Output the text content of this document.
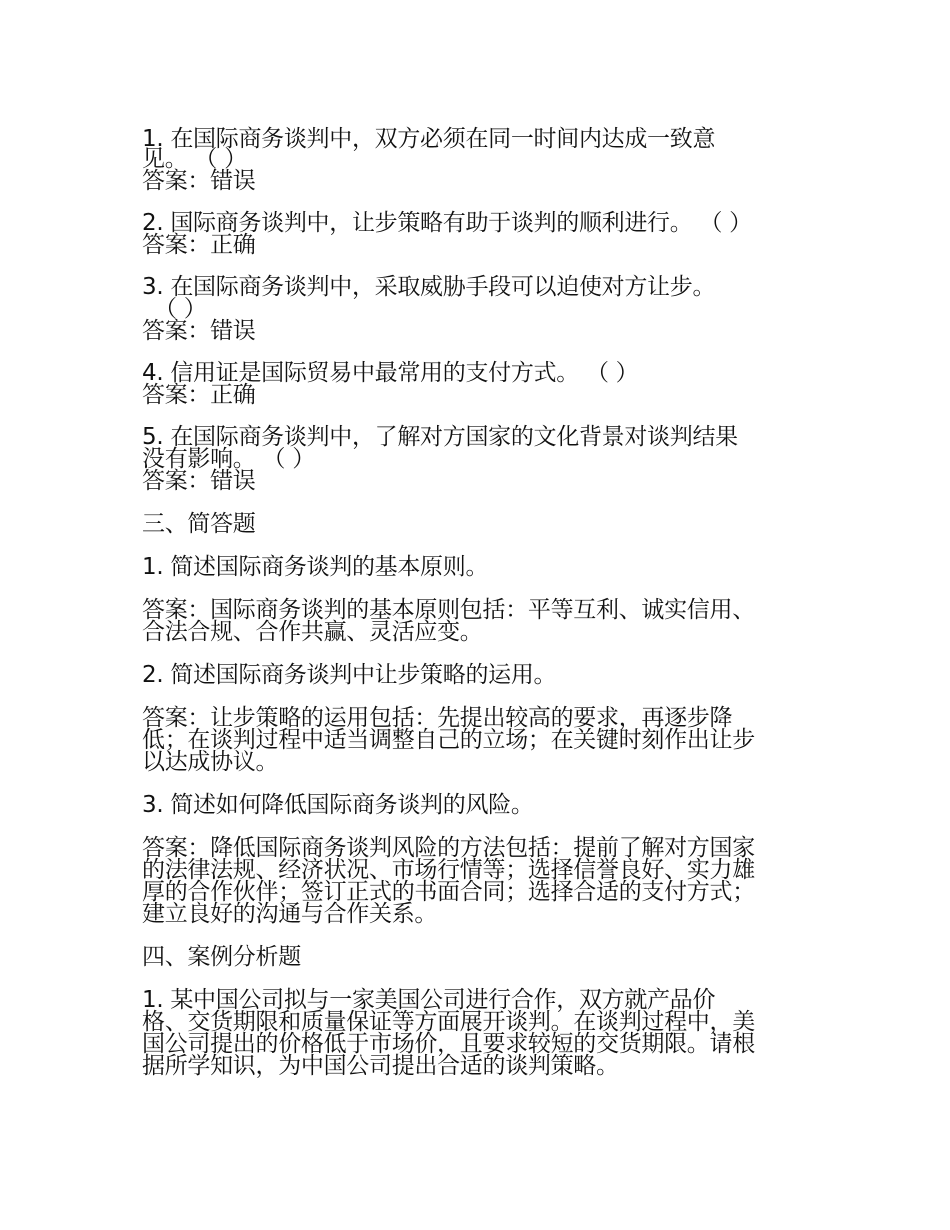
1. 在国际商务谈判中，双方必须在同一时间内达成一致意
见。 （ ）
答案：错误
2. 国际商务谈判中，让步策略有助于谈判的顺利进行。 （ ）
答案：正确
3. 在国际商务谈判中，采取威胁手段可以迫使对方让步。
（ ）
答案：错误
4. 信用证是国际贸易中最常用的支付方式。 （ ）
答案：正确
5. 在国际商务谈判中，了解对方国家的文化背景对谈判结果
没有影响。 （ ）
答案：错误
三、简答题
1. 简述国际商务谈判的基本原则。
答案：国际商务谈判的基本原则包括：平等互利、诚实信用、
合法合规、合作共赢、灵活应变。
2. 简述国际商务谈判中让步策略的运用。
答案：让步策略的运用包括：先提出较高的要求，再逐步降
低；在谈判过程中适当调整自己的立场；在关键时刻作出让步
以达成协议。
3. 简述如何降低国际商务谈判的风险。
答案：降低国际商务谈判风险的方法包括：提前了解对方国家
的法律法规、经济状况、市场行情等；选择信誉良好、实力雄
厚的合作伙伴；签订正式的书面合同；选择合适的支付方式；
建立良好的沟通与合作关系。
四、案例分析题
1. 某中国公司拟与一家美国公司进行合作，双方就产品价
格、交货期限和质量保证等方面展开谈判。在谈判过程中，美
国公司提出的价格低于市场价，且要求较短的交货期限。请根
据所学知识，为中国公司提出合适的谈判策略。
